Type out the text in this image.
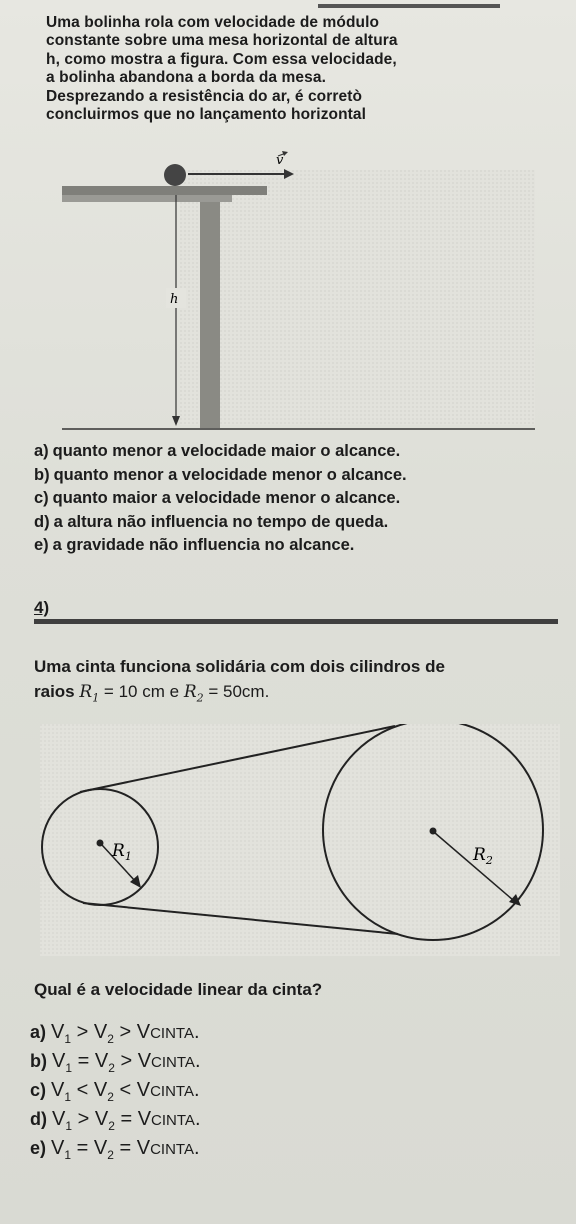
Uma bolinha rola com velocidade de módulo
constante sobre uma mesa horizontal de altura
h, como mostra a figura. Com essa velocidade,
a bolinha abandona a borda da mesa.
Desprezando a resistência do ar, é corretò
concluirmos que no lançamento horizontal
v
h
a) quanto menor a velocidade maior o alcance.
b) quanto menor a velocidade menor o alcance.
c) quanto maior a velocidade menor o alcance.
d) a altura não influencia no tempo de queda.
e) a gravidade não influencia no alcance.
4)
Uma cinta funciona solidária com dois cilindros de
raios $R_1 = 10$ cm e $R_2 = 50cm$.
$R_1$	$R_2$
Qual é a velocidade linear da cinta?
a) $V_1 > V_2$ > VCINTA.
b) $V_1 = V_2$ > VCINTA.
c) $V_1 < V_2$ < VCINTA.
d) $V_1 > V_2$ = VCINTA.
e) $V_1 = V_2$ = VCINTA.
